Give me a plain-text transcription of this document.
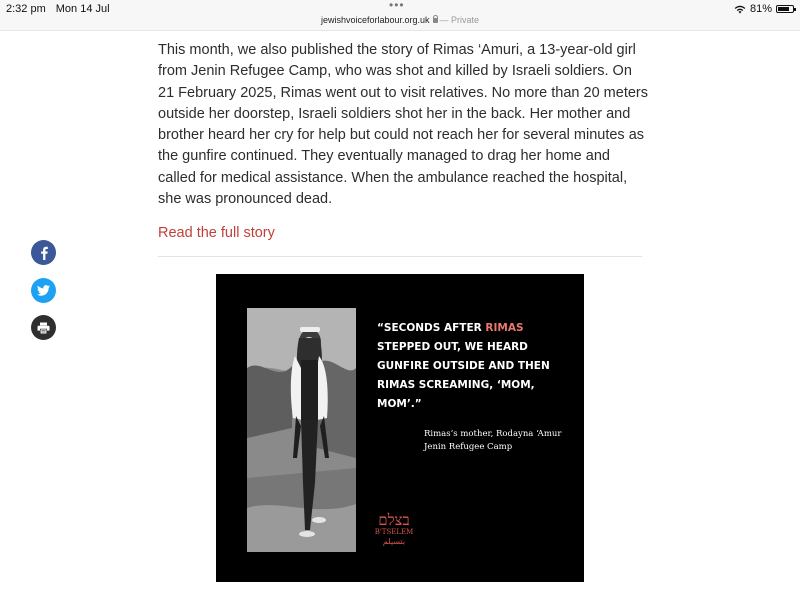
2:32 pm Mon 14 Jul	•••
jewishvoiceforlabour.org.uk — Private
81%

This month, we also published the story of Rimas ‘Amuri, a 13-year-old girl from Jenin Refugee Camp, who was shot and killed by Israeli soldiers. On 21 February 2025, Rimas went out to visit relatives. No more than 20 meters outside her doorstep, Israeli soldiers shot her in the back. Her mother and brother heard her cry for help but could not reach her for several minutes as the gunfire continued. They eventually managed to drag her home and called for medical assistance. When the ambulance reached the hospital, she was pronounced dead.

Read the full story

“SECONDS AFTER RIMAS STEPPED OUT, WE HEARD GUNFIRE OUTSIDE AND THEN RIMAS SCREAMING, ‘MOM, MOM’.”

Rimas’s mother, Rodayna ‘Amur
Jenin Refugee Camp
בצלם
B'TSELEM
بتسيلم
